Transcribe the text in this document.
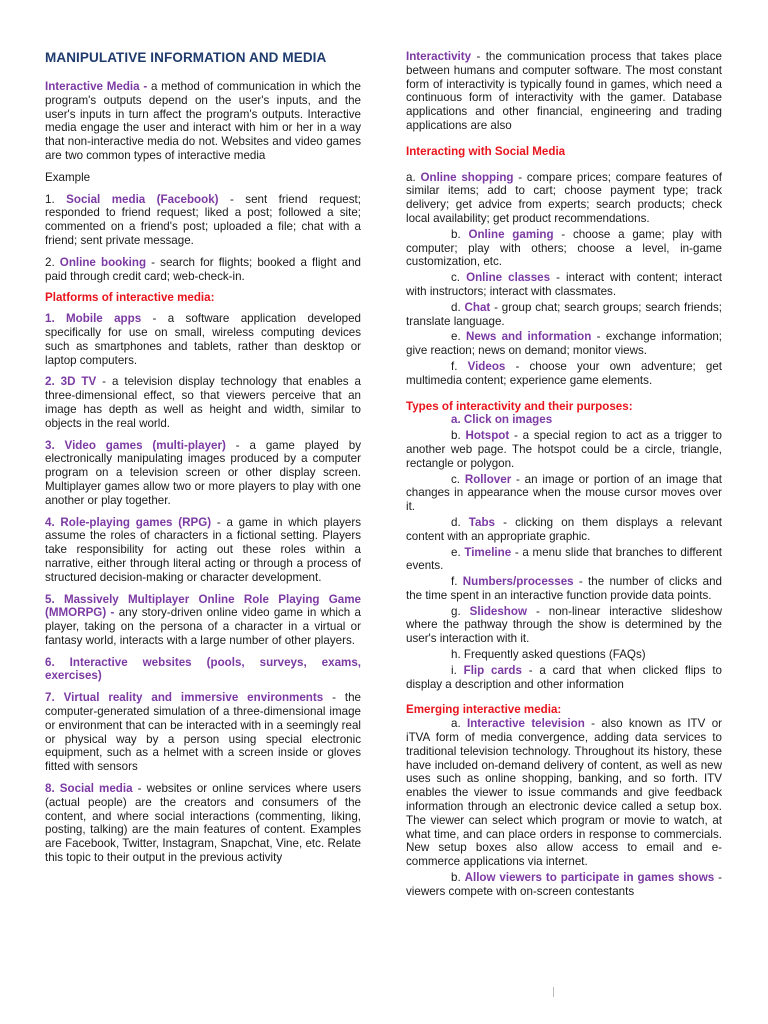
MANIPULATIVE INFORMATION AND MEDIA

Interactive Media - a method of communication in which the program's outputs depend on the user's inputs, and the user's inputs in turn affect the program's outputs. Interactive media engage the user and interact with him or her in a way that non-interactive media do not. Websites and video games are two common types of interactive media

Example

1. Social media (Facebook) - sent friend request; responded to friend request; liked a post; followed a site; commented on a friend's post; uploaded a file; chat with a friend; sent private message.

2. Online booking - search for flights; booked a flight and paid through credit card; web-check-in.

Platforms of interactive media:

1. Mobile apps - a software application developed specifically for use on small, wireless computing devices such as smartphones and tablets, rather than desktop or laptop computers.

2. 3D TV - a television display technology that enables a three-dimensional effect, so that viewers perceive that an image has depth as well as height and width, similar to objects in the real world.

3. Video games (multi-player) - a game played by electronically manipulating images produced by a computer program on a television screen or other display screen. Multiplayer games allow two or more players to play with one another or play together.

4. Role-playing games (RPG) - a game in which players assume the roles of characters in a fictional setting. Players take responsibility for acting out these roles within a narrative, either through literal acting or through a process of structured decision-making or character development.

5. Massively Multiplayer Online Role Playing Game (MMORPG) - any story-driven online video game in which a player, taking on the persona of a character in a virtual or fantasy world, interacts with a large number of other players.

6. Interactive websites (pools, surveys, exams, exercises)

7. Virtual reality and immersive environments - the computer-generated simulation of a three-dimensional image or environment that can be interacted with in a seemingly real or physical way by a person using special electronic equipment, such as a helmet with a screen inside or gloves fitted with sensors

8. Social media - websites or online services where users (actual people) are the creators and consumers of the content, and where social interactions (commenting, liking, posting, talking) are the main features of content. Examples are Facebook, Twitter, Instagram, Snapchat, Vine, etc. Relate this topic to their output in the previous activity

Interactivity - the communication process that takes place between humans and computer software. The most constant form of interactivity is typically found in games, which need a continuous form of interactivity with the gamer. Database applications and other financial, engineering and trading applications are also

Interacting with Social Media

a. Online shopping - compare prices; compare features of similar items; add to cart; choose payment type; track delivery; get advice from experts; search products; check local availability; get product recommendations.

b. Online gaming - choose a game; play with computer; play with others; choose a level, in-game customization, etc.

c. Online classes - interact with content; interact with instructors; interact with classmates.

d. Chat - group chat; search groups; search friends; translate language.

e. News and information - exchange information; give reaction; news on demand; monitor views.

f. Videos - choose your own adventure; get multimedia content; experience game elements.

Types of interactivity and their purposes:

a. Click on images

b. Hotspot - a special region to act as a trigger to another web page. The hotspot could be a circle, triangle, rectangle or polygon.

c. Rollover - an image or portion of an image that changes in appearance when the mouse cursor moves over it.

d. Tabs - clicking on them displays a relevant content with an appropriate graphic.

e. Timeline - a menu slide that branches to different events.

f. Numbers/processes - the number of clicks and the time spent in an interactive function provide data points.

g. Slideshow - non-linear interactive slideshow where the pathway through the show is determined by the user's interaction with it.

h. Frequently asked questions (FAQs)

i. Flip cards - a card that when clicked flips to display a description and other information

Emerging interactive media:

a. Interactive television - also known as ITV or iTVA form of media convergence, adding data services to traditional television technology. Throughout its history, these have included on-demand delivery of content, as well as new uses such as online shopping, banking, and so forth. ITV enables the viewer to issue commands and give feedback information through an electronic device called a setup box. The viewer can select which program or movie to watch, at what time, and can place orders in response to commercials. New setup boxes also allow access to email and e-commerce applications via internet.

b. Allow viewers to participate in games shows - viewers compete with on-screen contestants
